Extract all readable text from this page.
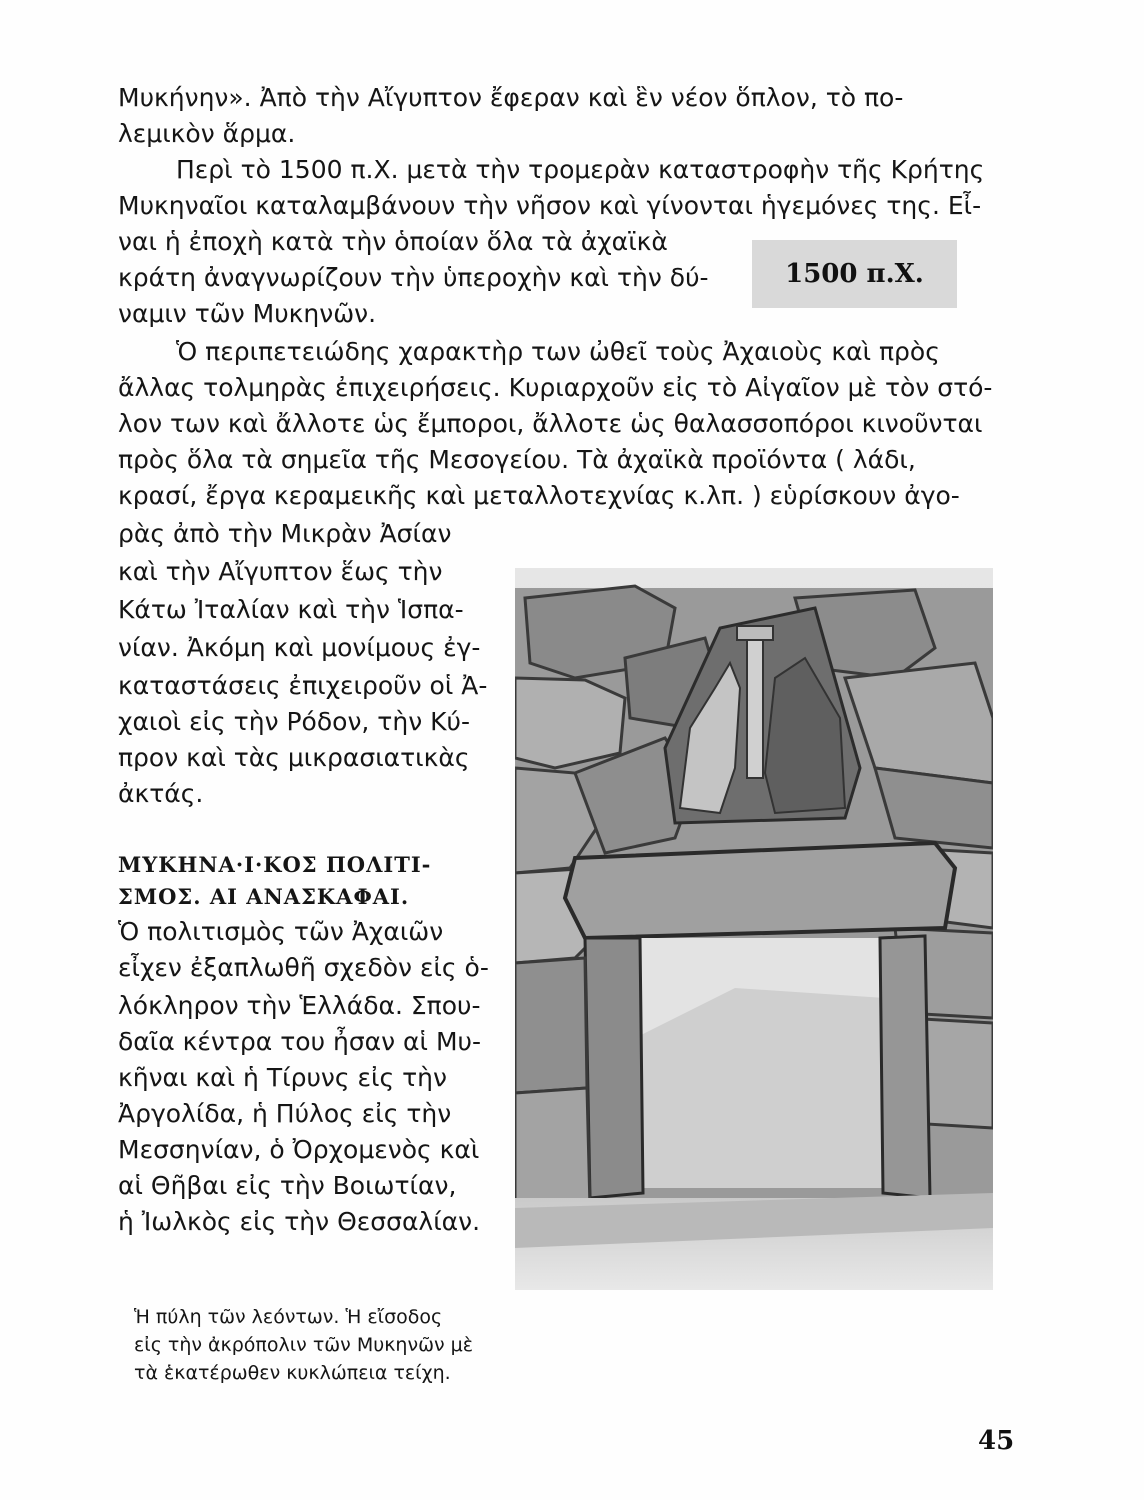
Μυκήνην». Ἀπὸ τὴν Αἴγυπτον ἔφεραν καὶ ἓν νέον ὅπλον, τὸ πο-
λεμικὸν ἅρμα.
Περὶ τὸ 1500 π.Χ. μετὰ τὴν τρομερὰν καταστροφὴν τῆς Κρήτης
Μυκηναῖοι καταλαμβάνουν τὴν νῆσον καὶ γίνονται ἡγεμόνες της. Εἶ-
ναι ἡ ἐποχὴ κατὰ τὴν ὁποίαν ὅλα τὰ ἀχαϊκὰ
κράτη ἀναγνωρίζουν τὴν ὑπεροχὴν καὶ τὴν δύ-
ναμιν τῶν Μυκηνῶν.
1500 π.Χ.
Ὁ περιπετειώδης χαρακτὴρ των ὠθεῖ τοὺς Ἀχαιοὺς καὶ πρὸς
ἄλλας τολμηρὰς ἐπιχειρήσεις. Κυριαρχοῦν εἰς τὸ Αἰγαῖον μὲ τὸν στό-
λον των καὶ ἄλλοτε ὡς ἔμποροι, ἄλλοτε ὡς θαλασσοπόροι κινοῦνται
πρὸς ὅλα τὰ σημεῖα τῆς Μεσογείου. Τὰ ἀχαϊκὰ προϊόντα ( λάδι,
κρασί, ἔργα κεραμεικῆς καὶ μεταλλοτεχνίας κ.λπ. ) εὑρίσκουν ἀγο-
ρὰς ἀπὸ τὴν Μικρὰν Ἀσίαν
καὶ τὴν Αἴγυπτον ἕως τὴν
Κάτω Ἰταλίαν καὶ τὴν Ἱσπα-
νίαν. Ἀκόμη καὶ μονίμους ἐγ-
καταστάσεις ἐπιχειροῦν οἱ Ἀ-
χαιοὶ εἰς τὴν Ρόδον, τὴν Κύ-
προν καὶ τὰς μικρασιατικὰς
ἀκτάς.
ΜΥΚΗΝΑ·Ι·ΚΟΣ ΠΟΛΙΤΙ-
ΣΜΟΣ. ΑΙ ΑΝΑΣΚΑΦΑΙ.
Ὁ πολιτισμὸς τῶν Ἀχαιῶν
εἶχεν ἐξαπλωθῆ σχεδὸν εἰς ὁ-
λόκληρον τὴν Ἑλλάδα. Σπου-
δαῖα κέντρα του ἦσαν αἱ Μυ-
κῆναι καὶ ἡ Τίρυνς εἰς τὴν
Ἀργολίδα, ἡ Πύλος εἰς τὴν
Μεσσηνίαν, ὁ Ὀρχομενὸς καὶ
αἱ Θῆβαι εἰς τὴν Βοιωτίαν,
ἡ Ἰωλκὸς εἰς τὴν Θεσσαλίαν.
Ἡ πύλη τῶν λεόντων. Ἡ εἴσοδος
εἰς τὴν ἀκρόπολιν τῶν Μυκηνῶν μὲ
τὰ ἑκατέρωθεν κυκλώπεια τείχη.
45
